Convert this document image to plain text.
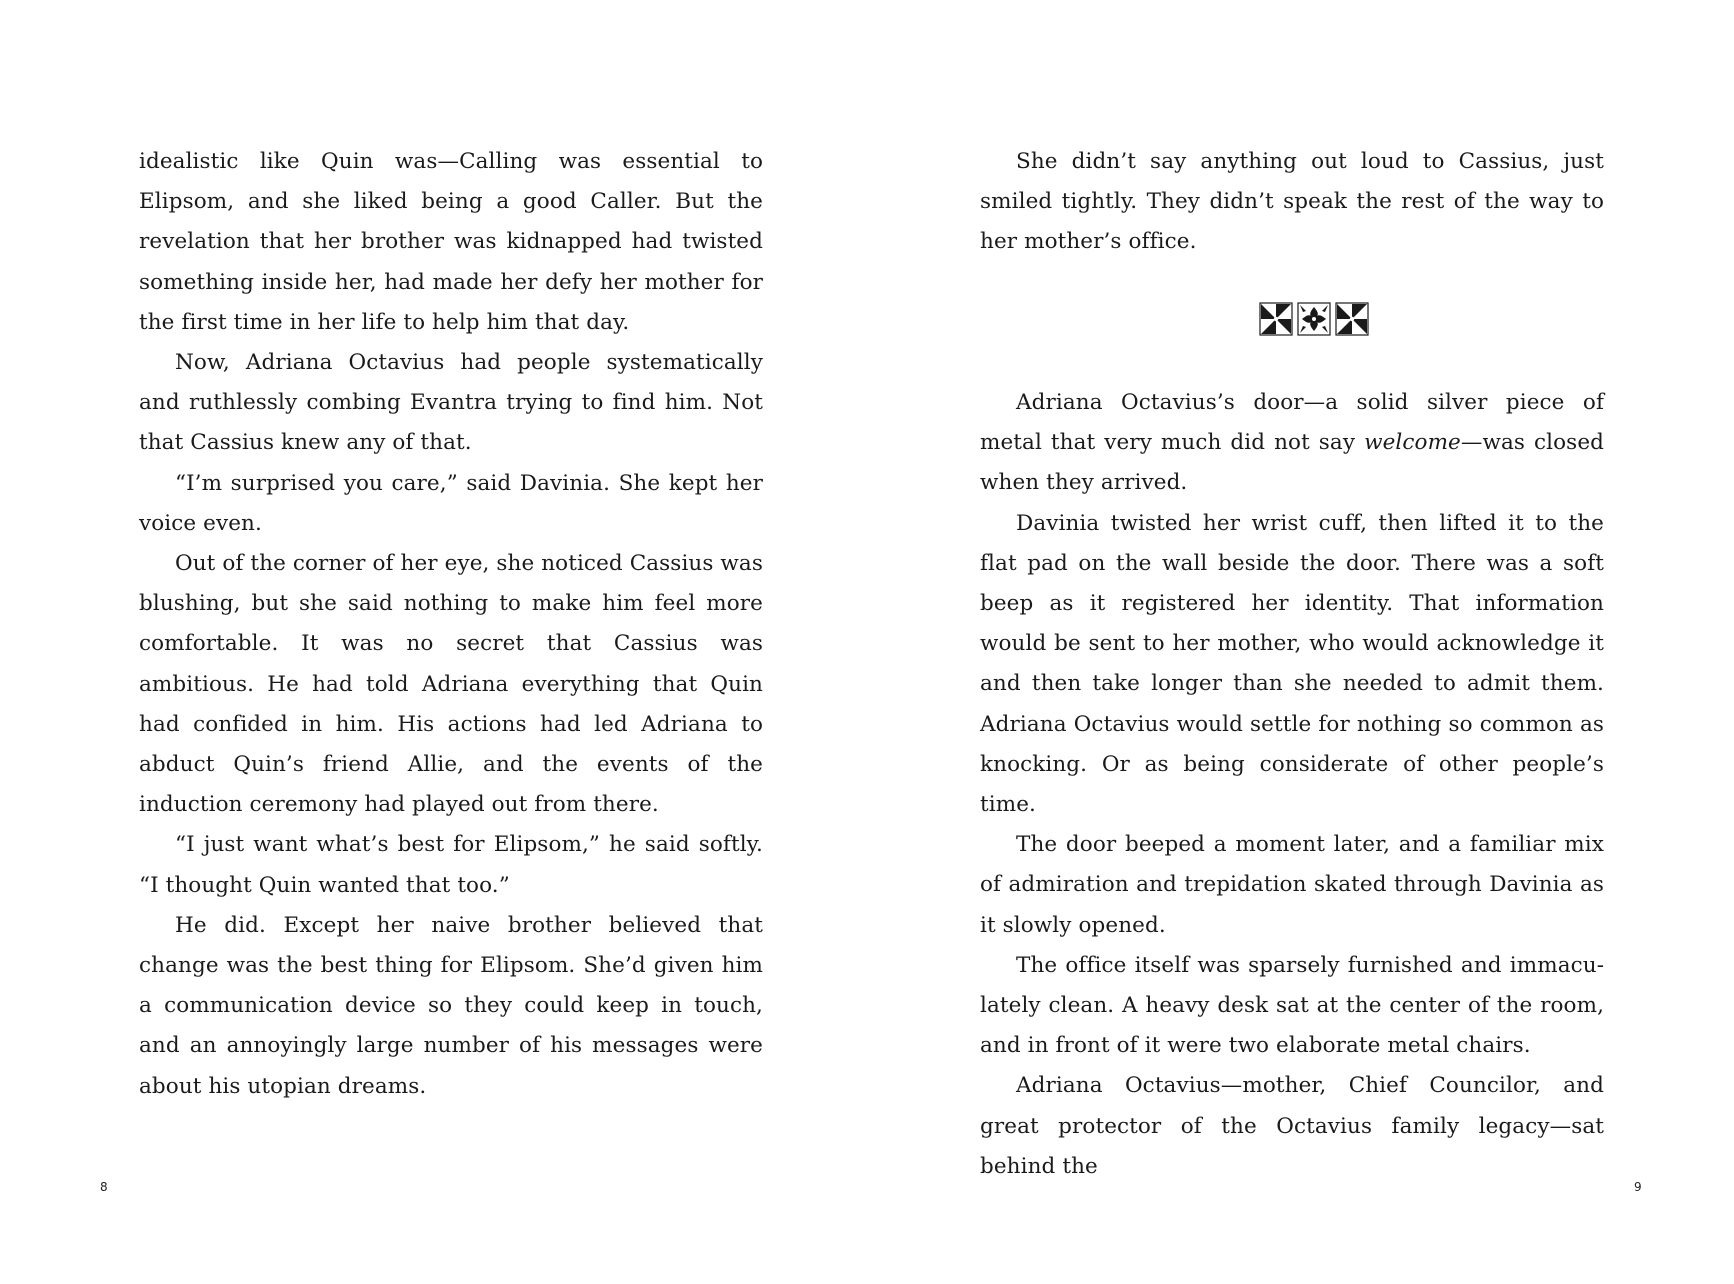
idealistic like Quin was—Calling was essential to Elipsom, and she liked being a good Caller. But the revelation that her brother was kidnapped had twisted something inside her, had made her defy her mother for the first time in her life to help him that day.

Now, Adriana Octavius had people systematically and ruthlessly combing Evantra trying to find him. Not that Cassius knew any of that.

“I’m surprised you care,” said Davinia. She kept her voice even.

Out of the corner of her eye, she noticed Cassius was blushing, but she said nothing to make him feel more comfortable. It was no secret that Cassius was ambitious. He had told Adriana everything that Quin had confided in him. His actions had led Adriana to abduct Quin’s friend Allie, and the events of the induction ceremony had played out from there.

“I just want what’s best for Elipsom,” he said softly. “I thought Quin wanted that too.”

He did. Except her naive brother believed that change was the best thing for Elipsom. She’d given him a communication device so they could keep in touch, and an annoyingly large number of his messages were about his utopian dreams.

8

She didn’t say anything out loud to Cassius, just smiled tightly. They didn’t speak the rest of the way to her mother’s office.

Adriana Octavius’s door—a solid silver piece of metal that very much did not say welcome—was closed when they arrived.

Davinia twisted her wrist cuff, then lifted it to the flat pad on the wall beside the door. There was a soft beep as it registered her identity. That information would be sent to her mother, who would acknowledge it and then take longer than she needed to admit them. Adriana Octavius would settle for nothing so common as knocking. Or as being considerate of other people’s time.

The door beeped a moment later, and a familiar mix of admiration and trepidation skated through Davinia as it slowly opened.

The office itself was sparsely furnished and immaculately clean. A heavy desk sat at the center of the room, and in front of it were two elaborate metal chairs.

Adriana Octavius—mother, Chief Councilor, and great protector of the Octavius family legacy—sat behind the

9
